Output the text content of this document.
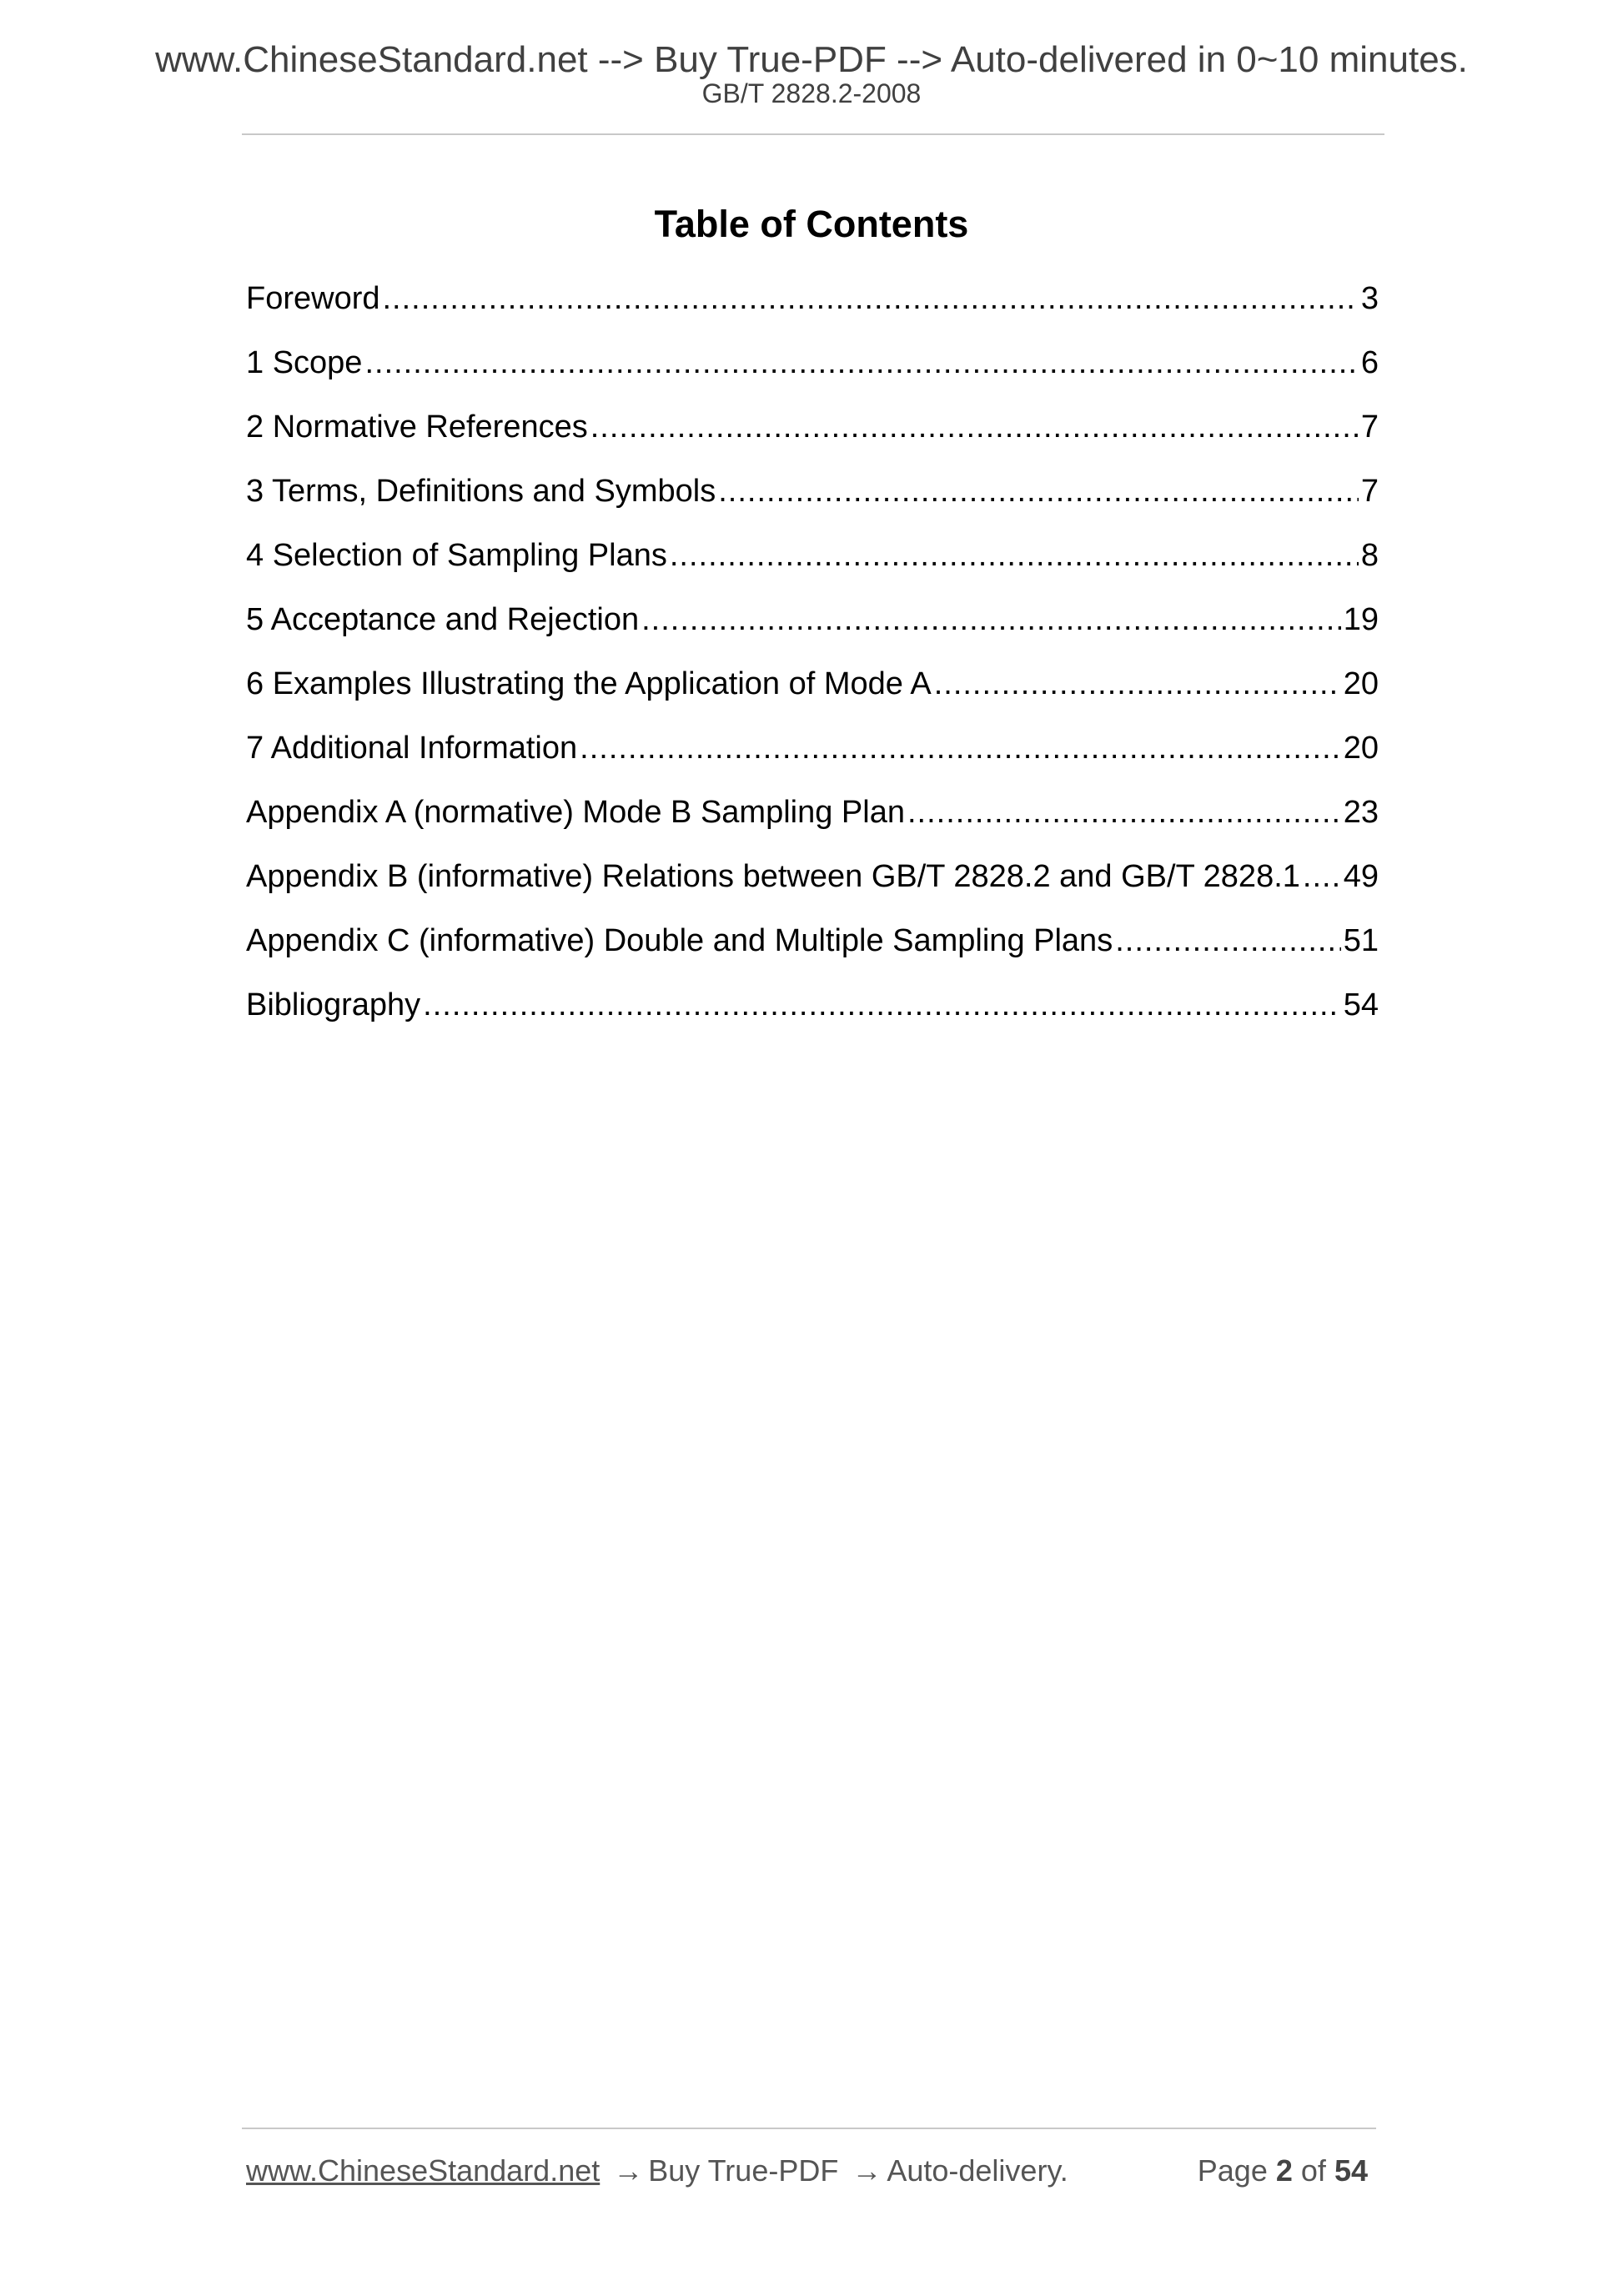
www.ChineseStandard.net --> Buy True-PDF --> Auto-delivered in 0~10 minutes.
GB/T 2828.2-2008
Table of Contents
Foreword .....	3
1 Scope .....	6
2 Normative References .....	7
3 Terms, Definitions and Symbols .....	7
4 Selection of Sampling Plans .....	8
5 Acceptance and Rejection .....	19
6 Examples Illustrating the Application of Mode A .....	20
7 Additional Information .....	20
Appendix A (normative) Mode B Sampling Plan .....	23
Appendix B (informative) Relations between GB/T 2828.2 and GB/T 2828.1 ..... 49
Appendix C (informative) Double and Multiple Sampling Plans .....	51
Bibliography .....	54
www.ChineseStandard.net → Buy True-PDF → Auto-delivery.	Page 2 of 54
